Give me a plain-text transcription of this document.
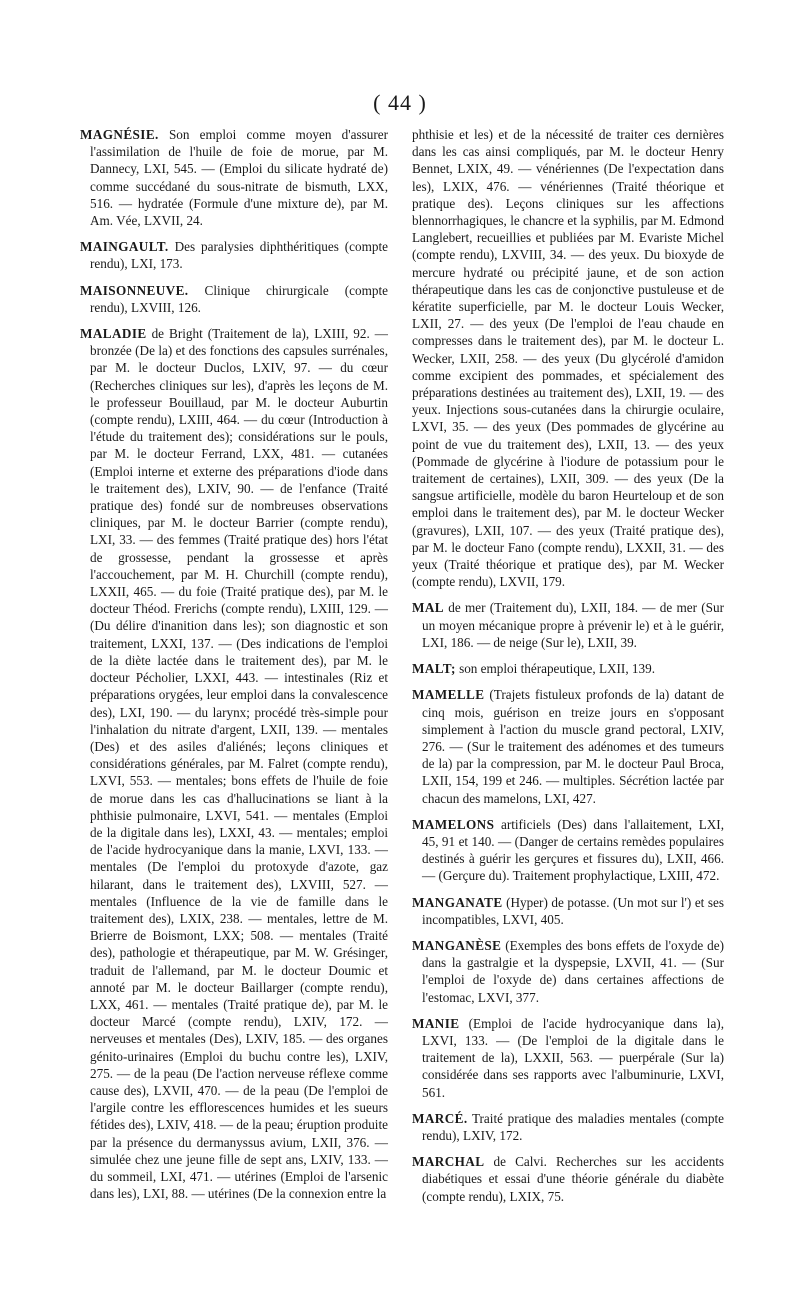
( 44 )

MAGNÉSIE. Son emploi comme moyen d'assurer l'assimilation de l'huile de foie de morue, par M. Dannecy, LXI, 545. — (Emploi du silicate hydraté de) comme succédané du sous-nitrate de bismuth, LXX, 516. — hydratée (Formule d'une mixture de), par M. Am. Vée, LXVII, 24.

MAINGAULT. Des paralysies diphthéritiques (compte rendu), LXI, 173.

MAISONNEUVE. Clinique chirurgicale (compte rendu), LXVIII, 126.

MALADIE de Bright (Traitement de la), LXIII, 92. — bronzée (De la) et des fonctions des capsules surrénales, par M. le docteur Duclos, LXIV, 97. — du cœur (Recherches cliniques sur les), d'après les leçons de M. le professeur Bouillaud, par M. le docteur Auburtin (compte rendu), LXIII, 464. — du cœur (Introduction à l'étude du traitement des); considérations sur le pouls, par M. le docteur Ferrand, LXX, 481. — cutanées (Emploi interne et externe des préparations d'iode dans le traitement des), LXIV, 90. — de l'enfance (Traité pratique des) fondé sur de nombreuses observations cliniques, par M. le docteur Barrier (compte rendu), LXI, 33. — des femmes (Traité pratique des) hors l'état de grossesse, pendant la grossesse et après l'accouchement, par M. H. Churchill (compte rendu), LXXII, 465. — du foie (Traité pratique des), par M. le docteur Théod. Frerichs (compte rendu), LXIII, 129. — (Du délire d'inanition dans les); son diagnostic et son traitement, LXXI, 137. — (Des indications de l'emploi de la diète lactée dans le traitement des), par M. le docteur Pécholier, LXXI, 443. — intestinales (Riz et préparations orygées, leur emploi dans la convalescence des), LXI, 190. — du larynx; procédé très-simple pour l'inhalation du nitrate d'argent, LXII, 139. — mentales (Des) et des asiles d'aliénés; leçons cliniques et considérations générales, par M. Falret (compte rendu), LXVI, 553. — mentales; bons effets de l'huile de foie de morue dans les cas d'hallucinations se liant à la phthisie pulmonaire, LXVI, 541. — mentales (Emploi de la digitale dans les), LXXI, 43. — mentales; emploi de l'acide hydrocyanique dans la manie, LXVI, 133. — mentales (De l'emploi du protoxyde d'azote, gaz hilarant, dans le traitement des), LXVIII, 527. — mentales (Influence de la vie de famille dans le traitement des), LXIX, 238. — mentales, lettre de M. Brierre de Boismont, LXX; 508. — mentales (Traité des), pathologie et thérapeutique, par M. W. Grésinger, traduit de l'allemand, par M. le docteur Doumic et annoté par M. le docteur Baillarger (compte rendu), LXX, 461. — mentales (Traité pratique de), par M. le docteur Marcé (compte rendu), LXIV, 172. — nerveuses et mentales (Des), LXIV, 185. — des organes génito-urinaires (Emploi du buchu contre les), LXIV, 275. — de la peau (De l'action nerveuse réflexe comme cause des), LXVII, 470. — de la peau (De l'emploi de l'argile contre les efflorescences humides et les sueurs fétides des), LXIV, 418. — de la peau; éruption produite par la présence du dermanyssus avium, LXII, 376. — simulée chez une jeune fille de sept ans, LXIV, 133. — du sommeil, LXI, 471. — utérines (Emploi de l'arsenic dans les), LXI, 88. — utérines (De la connexion entre la

phthisie et les) et de la nécessité de traiter ces dernières dans les cas ainsi compliqués, par M. le docteur Henry Bennet, LXIX, 49. — vénériennes (De l'expectation dans les), LXIX, 476. — vénériennes (Traité théorique et pratique des). Leçons cliniques sur les affections blennorrhagiques, le chancre et la syphilis, par M. Edmond Langlebert, recueillies et publiées par M. Evariste Michel (compte rendu), LXVIII, 34. — des yeux. Du bioxyde de mercure hydraté ou précipité jaune, et de son action thérapeutique dans les cas de conjonctive pustuleuse et de kératite superficielle, par M. le docteur Louis Wecker, LXII, 27. — des yeux (De l'emploi de l'eau chaude en compresses dans le traitement des), par M. le docteur L. Wecker, LXII, 258. — des yeux (Du glycérolé d'amidon comme excipient des pommades, et spécialement des préparations destinées au traitement des), LXII, 19. — des yeux. Injections sous-cutanées dans la chirurgie oculaire, LXVI, 35. — des yeux (Des pommades de glycérine au point de vue du traitement des), LXII, 13. — des yeux (Pommade de glycérine à l'iodure de potassium pour le traitement de certaines), LXII, 309. — des yeux (De la sangsue artificielle, modèle du baron Heurteloup et de son emploi dans le traitement des), par M. le docteur Wecker (gravures), LXII, 107. — des yeux (Traité pratique des), par M. le docteur Fano (compte rendu), LXXII, 31. — des yeux (Traité théorique et pratique des), par M. Wecker (compte rendu), LXVII, 179.

MAL de mer (Traitement du), LXII, 184. — de mer (Sur un moyen mécanique propre à prévenir le) et à le guérir, LXI, 186. — de neige (Sur le), LXII, 39.

MALT; son emploi thérapeutique, LXII, 139.

MAMELLE (Trajets fistuleux profonds de la) datant de cinq mois, guérison en treize jours en s'opposant simplement à l'action du muscle grand pectoral, LXIV, 276. — (Sur le traitement des adénomes et des tumeurs de la) par la compression, par M. le docteur Paul Broca, LXII, 154, 199 et 246. — multiples. Sécrétion lactée par chacun des mamelons, LXI, 427.

MAMELONS artificiels (Des) dans l'allaitement, LXI, 45, 91 et 140. — (Danger de certains remèdes populaires destinés à guérir les gerçures et fissures du), LXII, 466. — (Gerçure du). Traitement prophylactique, LXIII, 472.

MANGANATE (Hyper) de potasse. (Un mot sur l') et ses incompatibles, LXVI, 405.

MANGANÈSE (Exemples des bons effets de l'oxyde de) dans la gastralgie et la dyspepsie, LXVII, 41. — (Sur l'emploi de l'oxyde de) dans certaines affections de l'estomac, LXVI, 377.

MANIE (Emploi de l'acide hydrocyanique dans la), LXVI, 133. — (De l'emploi de la digitale dans le traitement de la), LXXII, 563. — puerpérale (Sur la) considérée dans ses rapports avec l'albuminurie, LXVI, 561.

MARCÉ. Traité pratique des maladies mentales (compte rendu), LXIV, 172.

MARCHAL de Calvi. Recherches sur les accidents diabétiques et essai d'une théorie générale du diabète (compte rendu), LXIX, 75.
